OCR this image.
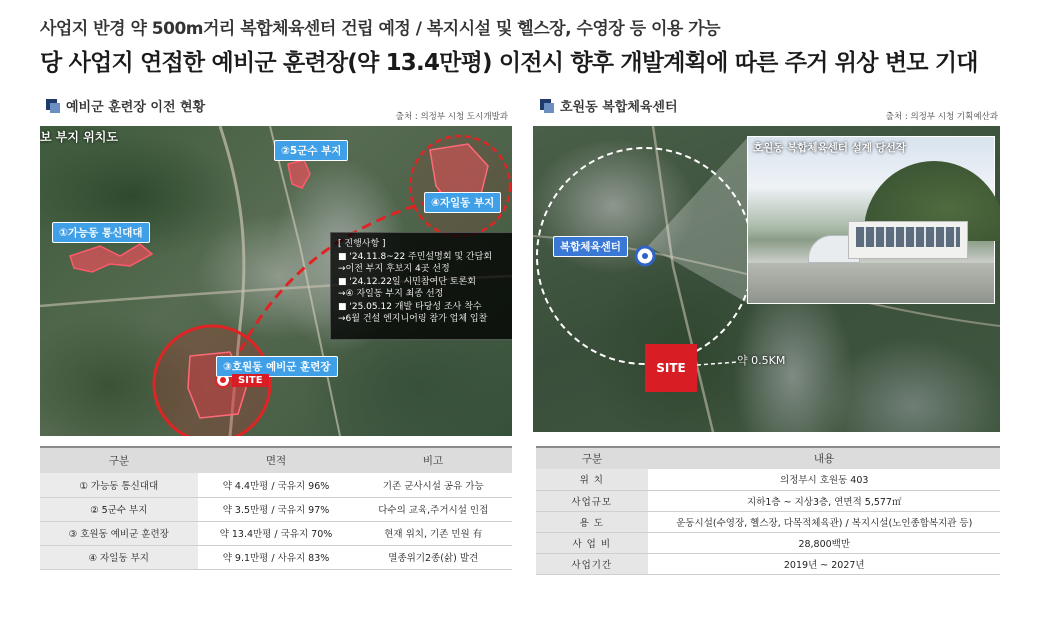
사업지 반경 약 500m거리 복합체육센터 건립 예정 / 복지시설 및 헬스장, 수영장 등 이용 가능
당 사업지 연접한 예비군 훈련장(약 13.4만평) 이전시 향후 개발계획에 따른 주거 위상 변모 기대
예비군 훈련장 이전 현황
출처 : 의정부 시청 도시개발과
보 부지 위치도
②5군수 부지
④자일동 부지
①가능동 통신대대
③호원동 예비군 훈련장
SITE
[ 진행사항 ]
■ '24.11.8~22 주민설명회 및 간담회
→이전 부지 후보지 4곳 선정
■ '24.12.22일 시민참여단 토론회
→④ 자일동 부지 최종 선정
■ '25.05.12 개발 타당성 조사 착수
→6월 건설 엔지니어링 참가 업체 입찰
구분	면적	비고
① 가능동 통신대대	약 4.4만평 / 국유지 96%	기존 군사시설 공유 가능
② 5군수 부지	약 3.5만평 / 국유지 97%	다수의 교육,주거시설 인접
③ 호원동 예비군 훈련장	약 13.4만평 / 국유지 70%	현재 위치, 기존 민원 有
④ 자일동 부지	약 9.1만평 / 사유지 83%	멸종위기2종(삵) 발견
호원동 복합체육센터
출처 : 의정부 시청 기획예산과
복합체육센터
SITE
약 0.5KM
호원동 복합체육센터 설계 당선작
구분	내용
위 치	의정부시 호원동 403
사업규모	지하1층 ~ 지상3층, 연면적 5,577㎡
용 도	운동시설(수영장, 헬스장, 다목적체육관) / 복지시설(노인종합복지관 등)
사 업 비	28,800백만
사업기간	2019년 ~ 2027년
